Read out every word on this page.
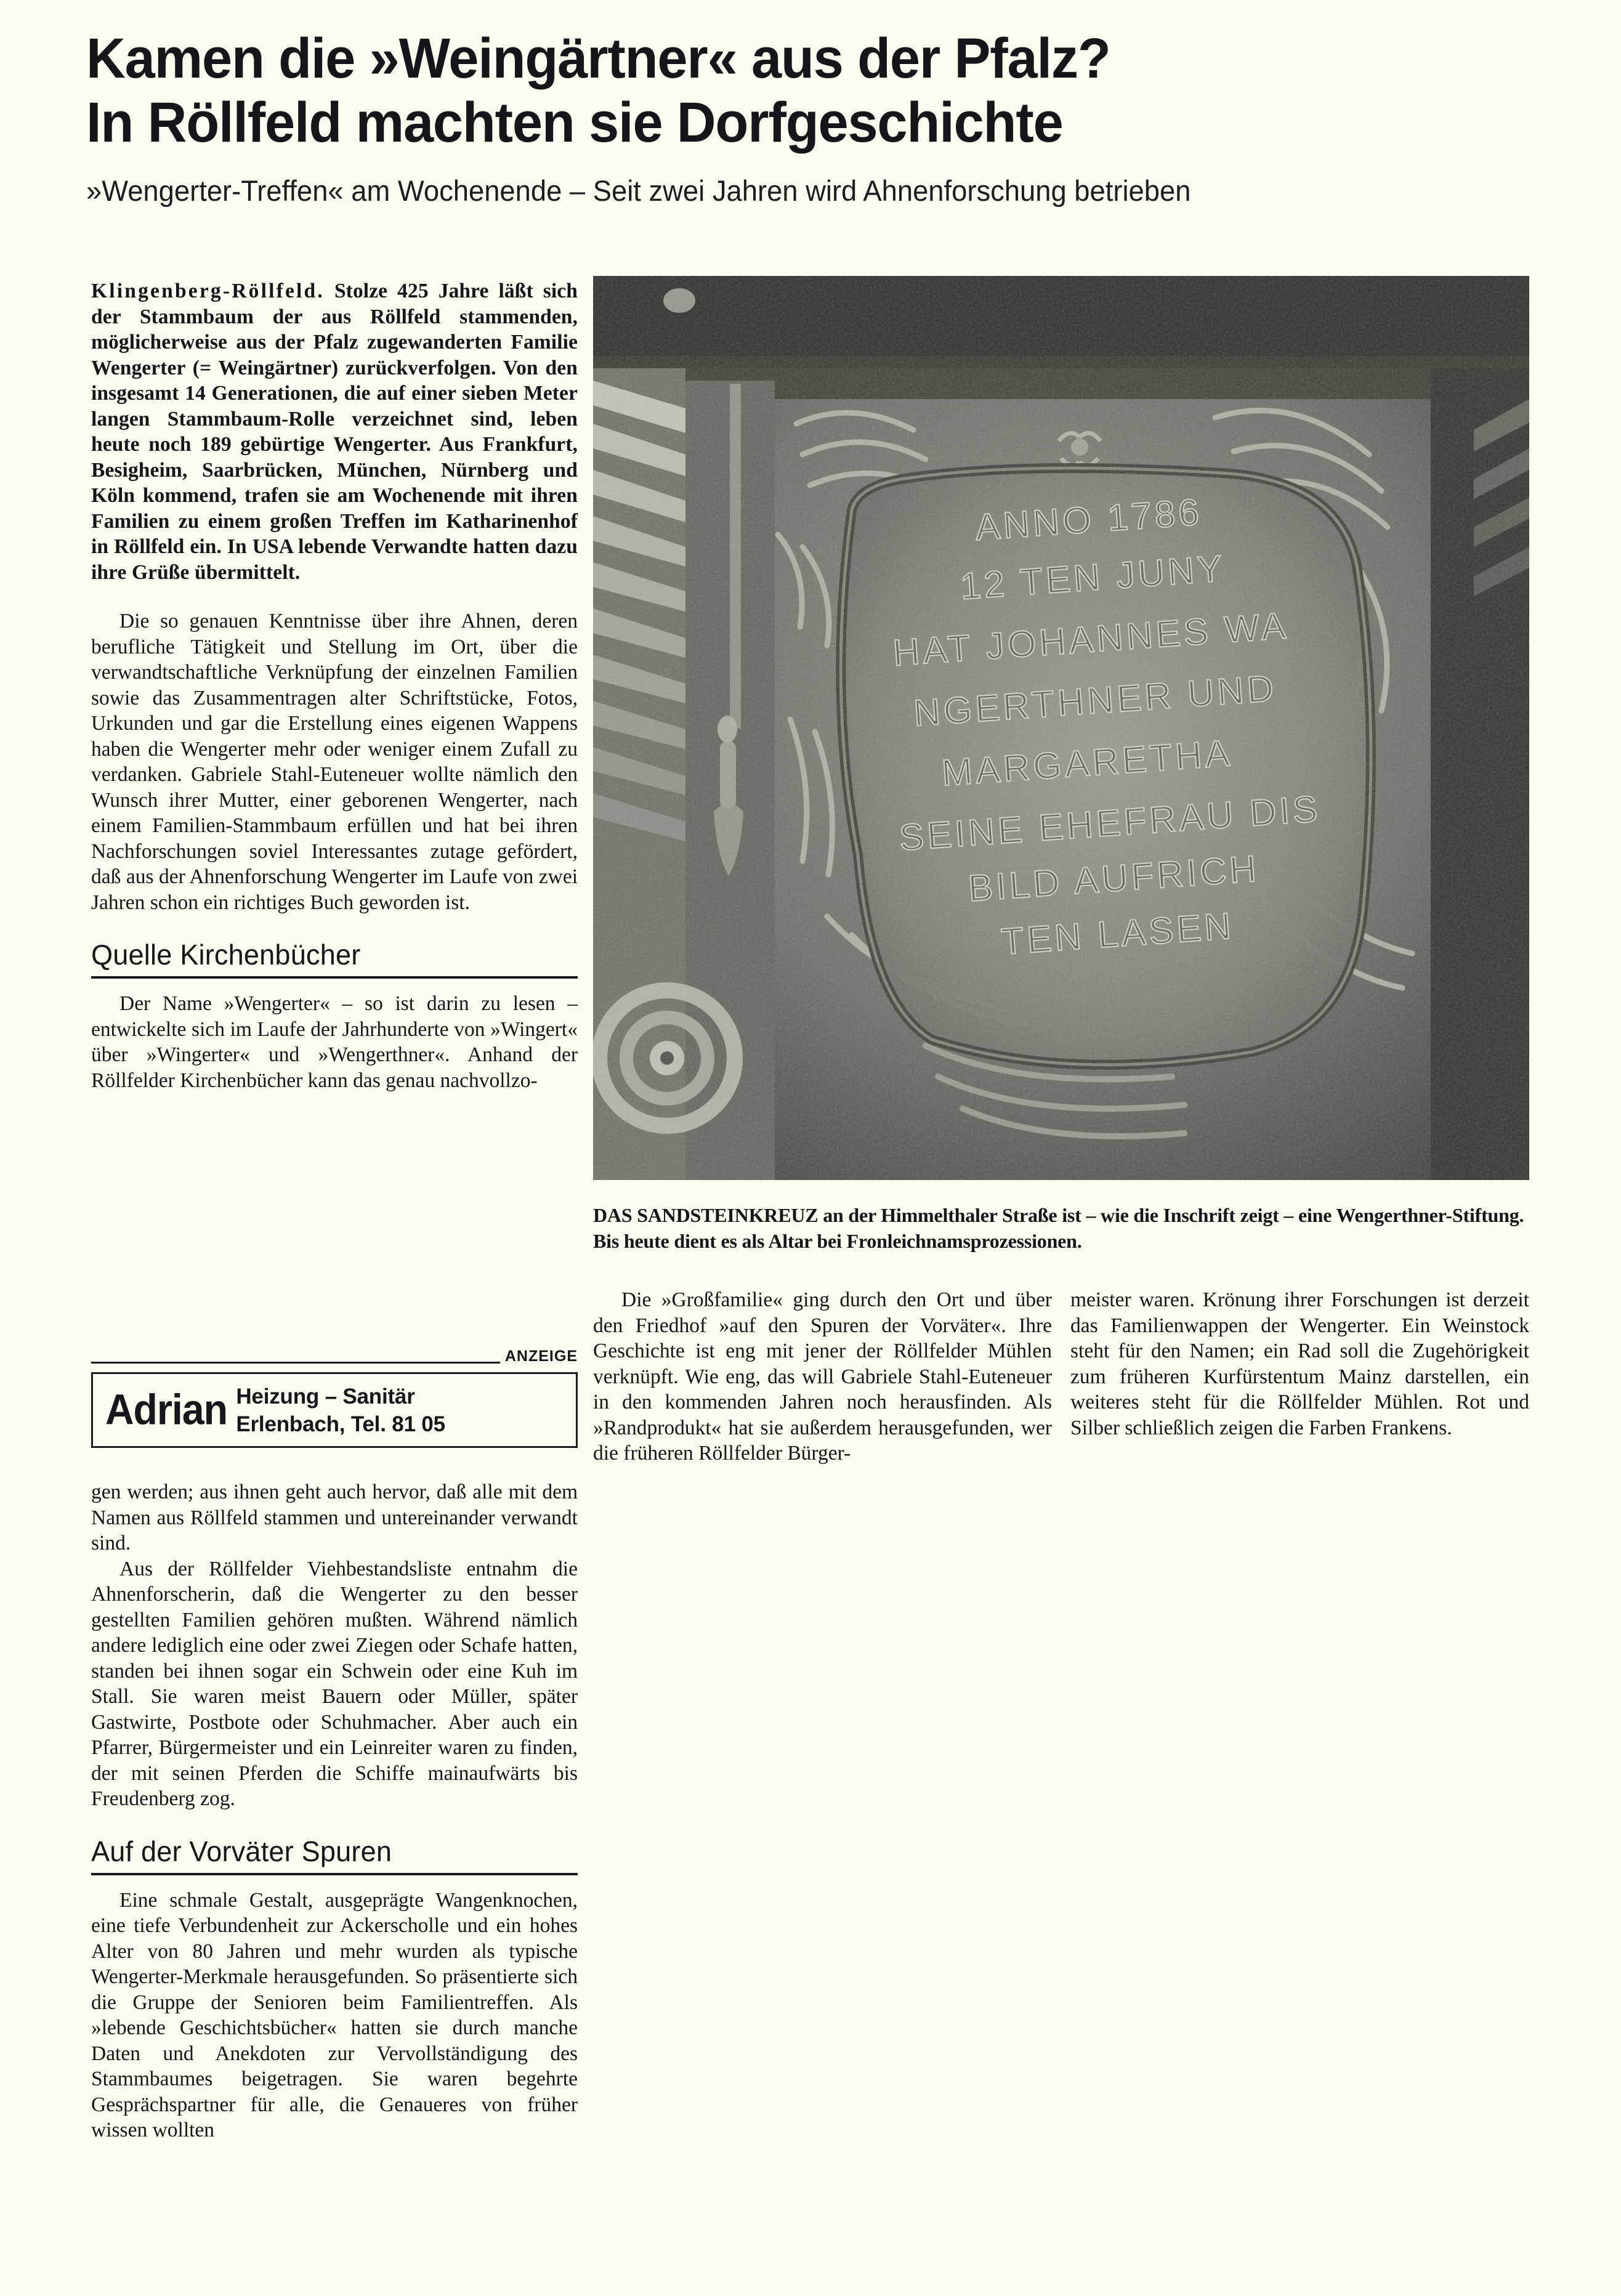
Kamen die »Weingärtner« aus der Pfalz?
In Röllfeld machten sie Dorfgeschichte
»Wengerter-Treffen« am Wochenende – Seit zwei Jahren wird Ahnenforschung betrieben
ANNO 1786
12 TEN JUNY
HAT JOHANNES WA
NGERTHNER UND
MARGARETHA
SEINE EHEFRAU DIS
BILD AUFRICH
TEN LASEN
DAS SANDSTEINKREUZ an der Himmelthaler Straße ist – wie die Inschrift zeigt – eine Wengerthner-Stiftung. Bis heute dient es als Altar bei Fronleichnamsprozessionen.

Klingenberg-Röllfeld. Stolze 425 Jahre läßt sich der Stammbaum der aus Röllfeld stammenden, möglicherweise aus der Pfalz zugewanderten Familie Wengerter (= Weingärtner) zurückverfolgen. Von den insgesamt 14 Generationen, die auf einer sieben Meter langen Stammbaum-Rolle verzeichnet sind, leben heute noch 189 gebürtige Wengerter. Aus Frankfurt, Besigheim, Saarbrücken, München, Nürnberg und Köln kommend, trafen sie am Wochenende mit ihren Familien zu einem großen Treffen im Katharinenhof in Röllfeld ein. In USA lebende Verwandte hatten dazu ihre Grüße übermittelt.

Die so genauen Kenntnisse über ihre Ahnen, deren berufliche Tätigkeit und Stellung im Ort, über die verwandtschaftliche Verknüpfung der einzelnen Familien sowie das Zusammentragen alter Schriftstücke, Fotos, Urkunden und gar die Erstellung eines eigenen Wappens haben die Wengerter mehr oder weniger einem Zufall zu verdanken. Gabriele Stahl-Euteneuer wollte nämlich den Wunsch ihrer Mutter, einer geborenen Wengerter, nach einem Familien-Stammbaum erfüllen und hat bei ihren Nachforschungen soviel Interessantes zutage gefördert, daß aus der Ahnenforschung Wengerter im Laufe von zwei Jahren schon ein richtiges Buch geworden ist.

Quelle Kirchenbücher

Der Name »Wengerter« – so ist darin zu lesen – entwickelte sich im Laufe der Jahrhunderte von »Wingert« über »Wingerter« und »Wengerthner«. Anhand der Röllfelder Kirchenbücher kann das genau nachvollzo-

ANZEIGE
Adrian Heizung – Sanitär
Erlenbach, Tel. 81 05

gen werden; aus ihnen geht auch hervor, daß alle mit dem Namen aus Röllfeld stammen und untereinander verwandt sind.

Aus der Röllfelder Viehbestandsliste entnahm die Ahnenforscherin, daß die Wengerter zu den besser gestellten Familien gehören mußten. Während nämlich andere lediglich eine oder zwei Ziegen oder Schafe hatten, standen bei ihnen sogar ein Schwein oder eine Kuh im Stall. Sie waren meist Bauern oder Müller, später Gastwirte, Postbote oder Schuhmacher. Aber auch ein Pfarrer, Bürgermeister und ein Leinreiter waren zu finden, der mit seinen Pferden die Schiffe mainaufwärts bis Freudenberg zog.

Auf der Vorväter Spuren

Eine schmale Gestalt, ausgeprägte Wangenknochen, eine tiefe Verbundenheit zur Ackerscholle und ein hohes Alter von 80 Jahren und mehr wurden als typische Wengerter-Merkmale herausgefunden. So präsentierte sich die Gruppe der Senioren beim Familientreffen. Als »lebende Geschichtsbücher« hatten sie durch manche Daten und Anekdoten zur Vervollständigung des Stammbaumes beigetragen. Sie waren begehrte Gesprächspartner für alle, die Genaueres von früher wissen wollten

Die »Großfamilie« ging durch den Ort und über den Friedhof »auf den Spuren der Vorväter«. Ihre Geschichte ist eng mit jener der Röllfelder Mühlen verknüpft. Wie eng, das will Gabriele Stahl-Euteneuer in den kommenden Jahren noch herausfinden. Als »Randprodukt« hat sie außerdem herausgefunden, wer die früheren Röllfelder Bürger-

meister waren. Krönung ihrer Forschungen ist derzeit das Familienwappen der Wengerter. Ein Weinstock steht für den Namen; ein Rad soll die Zugehörigkeit zum früheren Kurfürstentum Mainz darstellen, ein weiteres steht für die Röllfelder Mühlen. Rot und Silber schließlich zeigen die Farben Frankens.
